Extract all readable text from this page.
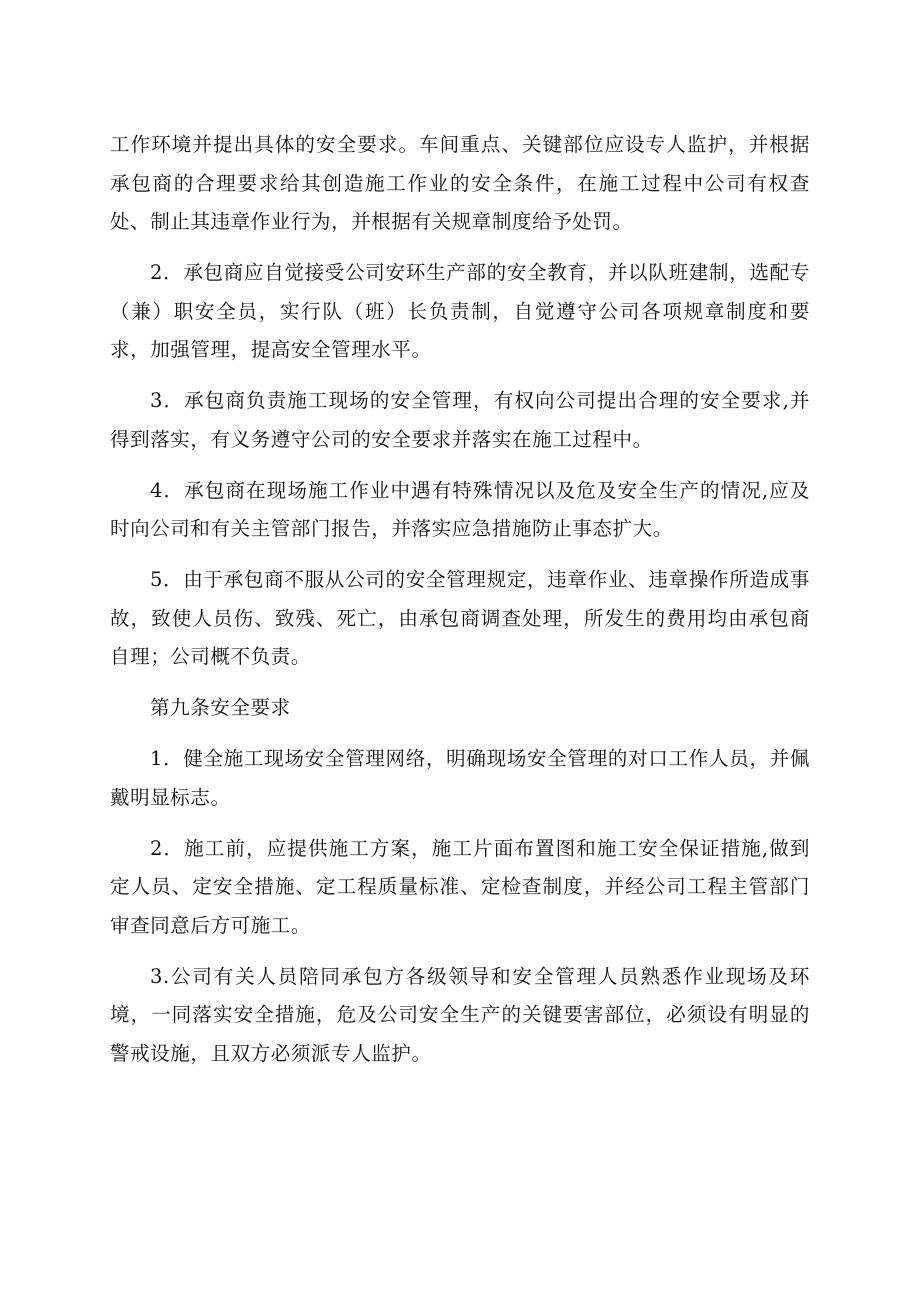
工作环境并提出具体的安全要求。车间重点、关键部位应设专人监护，并根据承包商的合理要求给其创造施工作业的安全条件，在施工过程中公司有权查处、制止其违章作业行为，并根据有关规章制度给予处罚。

2．承包商应自觉接受公司安环生产部的安全教育，并以队班建制，选配专（兼）职安全员，实行队（班）长负责制，自觉遵守公司各项规章制度和要求，加强管理，提高安全管理水平。

3．承包商负责施工现场的安全管理，有权向公司提出合理的安全要求,并得到落实，有义务遵守公司的安全要求并落实在施工过程中。

4．承包商在现场施工作业中遇有特殊情况以及危及安全生产的情况,应及时向公司和有关主管部门报告，并落实应急措施防止事态扩大。

5．由于承包商不服从公司的安全管理规定，违章作业、违章操作所造成事故，致使人员伤、致残、死亡，由承包商调查处理，所发生的费用均由承包商自理；公司概不负责。

第九条安全要求

1．健全施工现场安全管理网络，明确现场安全管理的对口工作人员，并佩戴明显标志。

2．施工前，应提供施工方案，施工片面布置图和施工安全保证措施,做到定人员、定安全措施、定工程质量标准、定检查制度，并经公司工程主管部门审查同意后方可施工。

3.公司有关人员陪同承包方各级领导和安全管理人员熟悉作业现场及环境，一同落实安全措施，危及公司安全生产的关键要害部位，必须设有明显的警戒设施，且双方必须派专人监护。
